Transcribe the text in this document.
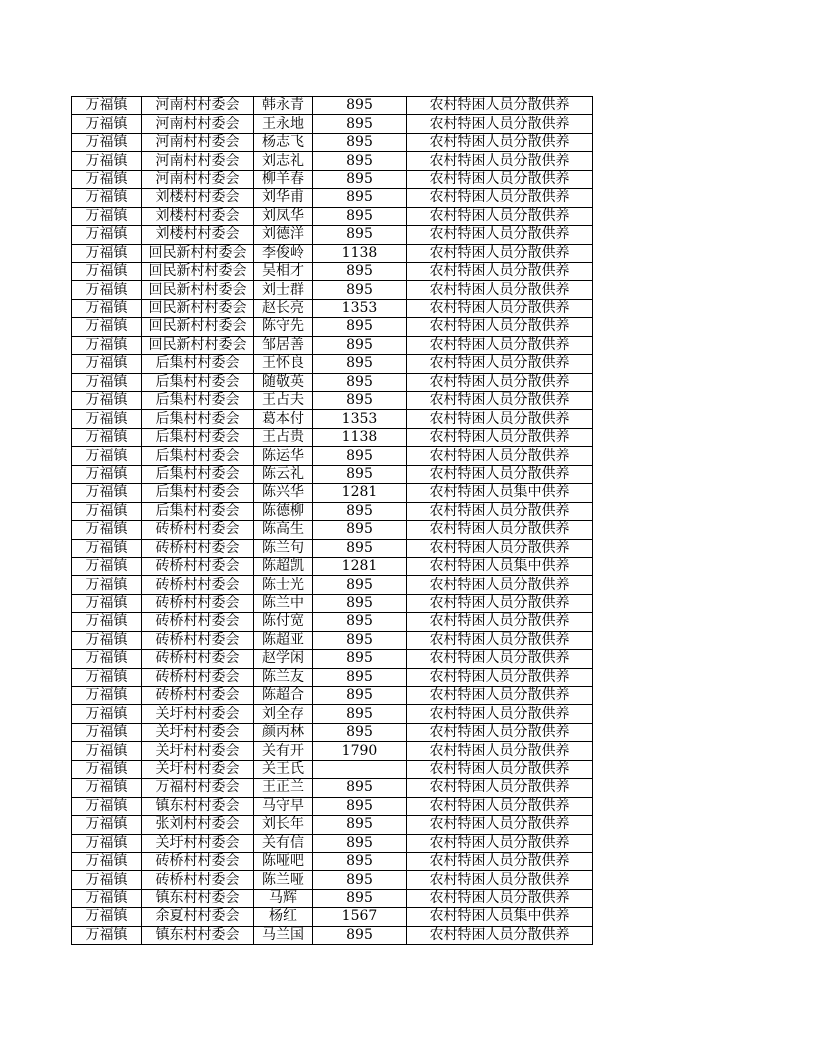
万福镇	河南村村委会	韩永青	895	农村特困人员分散供养
万福镇	河南村村委会	王永地	895	农村特困人员分散供养
万福镇	河南村村委会	杨志飞	895	农村特困人员分散供养
万福镇	河南村村委会	刘志礼	895	农村特困人员分散供养
万福镇	河南村村委会	柳羊春	895	农村特困人员分散供养
万福镇	刘楼村村委会	刘华甫	895	农村特困人员分散供养
万福镇	刘楼村村委会	刘凤华	895	农村特困人员分散供养
万福镇	刘楼村村委会	刘德洋	895	农村特困人员分散供养
万福镇	回民新村村委会	李俊岭	1138	农村特困人员分散供养
万福镇	回民新村村委会	吴相才	895	农村特困人员分散供养
万福镇	回民新村村委会	刘士群	895	农村特困人员分散供养
万福镇	回民新村村委会	赵长亮	1353	农村特困人员分散供养
万福镇	回民新村村委会	陈守先	895	农村特困人员分散供养
万福镇	回民新村村委会	邹居善	895	农村特困人员分散供养
万福镇	后集村村委会	王怀良	895	农村特困人员分散供养
万福镇	后集村村委会	随敬英	895	农村特困人员分散供养
万福镇	后集村村委会	王占夫	895	农村特困人员分散供养
万福镇	后集村村委会	葛本付	1353	农村特困人员分散供养
万福镇	后集村村委会	王占贵	1138	农村特困人员分散供养
万福镇	后集村村委会	陈运华	895	农村特困人员分散供养
万福镇	后集村村委会	陈云礼	895	农村特困人员分散供养
万福镇	后集村村委会	陈兴华	1281	农村特困人员集中供养
万福镇	后集村村委会	陈德柳	895	农村特困人员分散供养
万福镇	砖桥村村委会	陈高生	895	农村特困人员分散供养
万福镇	砖桥村村委会	陈兰句	895	农村特困人员分散供养
万福镇	砖桥村村委会	陈超凯	1281	农村特困人员集中供养
万福镇	砖桥村村委会	陈士光	895	农村特困人员分散供养
万福镇	砖桥村村委会	陈兰中	895	农村特困人员分散供养
万福镇	砖桥村村委会	陈付宽	895	农村特困人员分散供养
万福镇	砖桥村村委会	陈超亚	895	农村特困人员分散供养
万福镇	砖桥村村委会	赵学闲	895	农村特困人员分散供养
万福镇	砖桥村村委会	陈兰友	895	农村特困人员分散供养
万福镇	砖桥村村委会	陈超合	895	农村特困人员分散供养
万福镇	关圩村村委会	刘全存	895	农村特困人员分散供养
万福镇	关圩村村委会	颜丙林	895	农村特困人员分散供养
万福镇	关圩村村委会	关有开	1790	农村特困人员分散供养
万福镇	关圩村村委会	关王氏		农村特困人员分散供养
万福镇	万福村村委会	王正兰	895	农村特困人员分散供养
万福镇	镇东村村委会	马守早	895	农村特困人员分散供养
万福镇	张刘村村委会	刘长年	895	农村特困人员分散供养
万福镇	关圩村村委会	关有信	895	农村特困人员分散供养
万福镇	砖桥村村委会	陈哑吧	895	农村特困人员分散供养
万福镇	砖桥村村委会	陈兰哑	895	农村特困人员分散供养
万福镇	镇东村村委会	马辉	895	农村特困人员分散供养
万福镇	余夏村村委会	杨红	1567	农村特困人员集中供养
万福镇	镇东村村委会	马兰国	895	农村特困人员分散供养
